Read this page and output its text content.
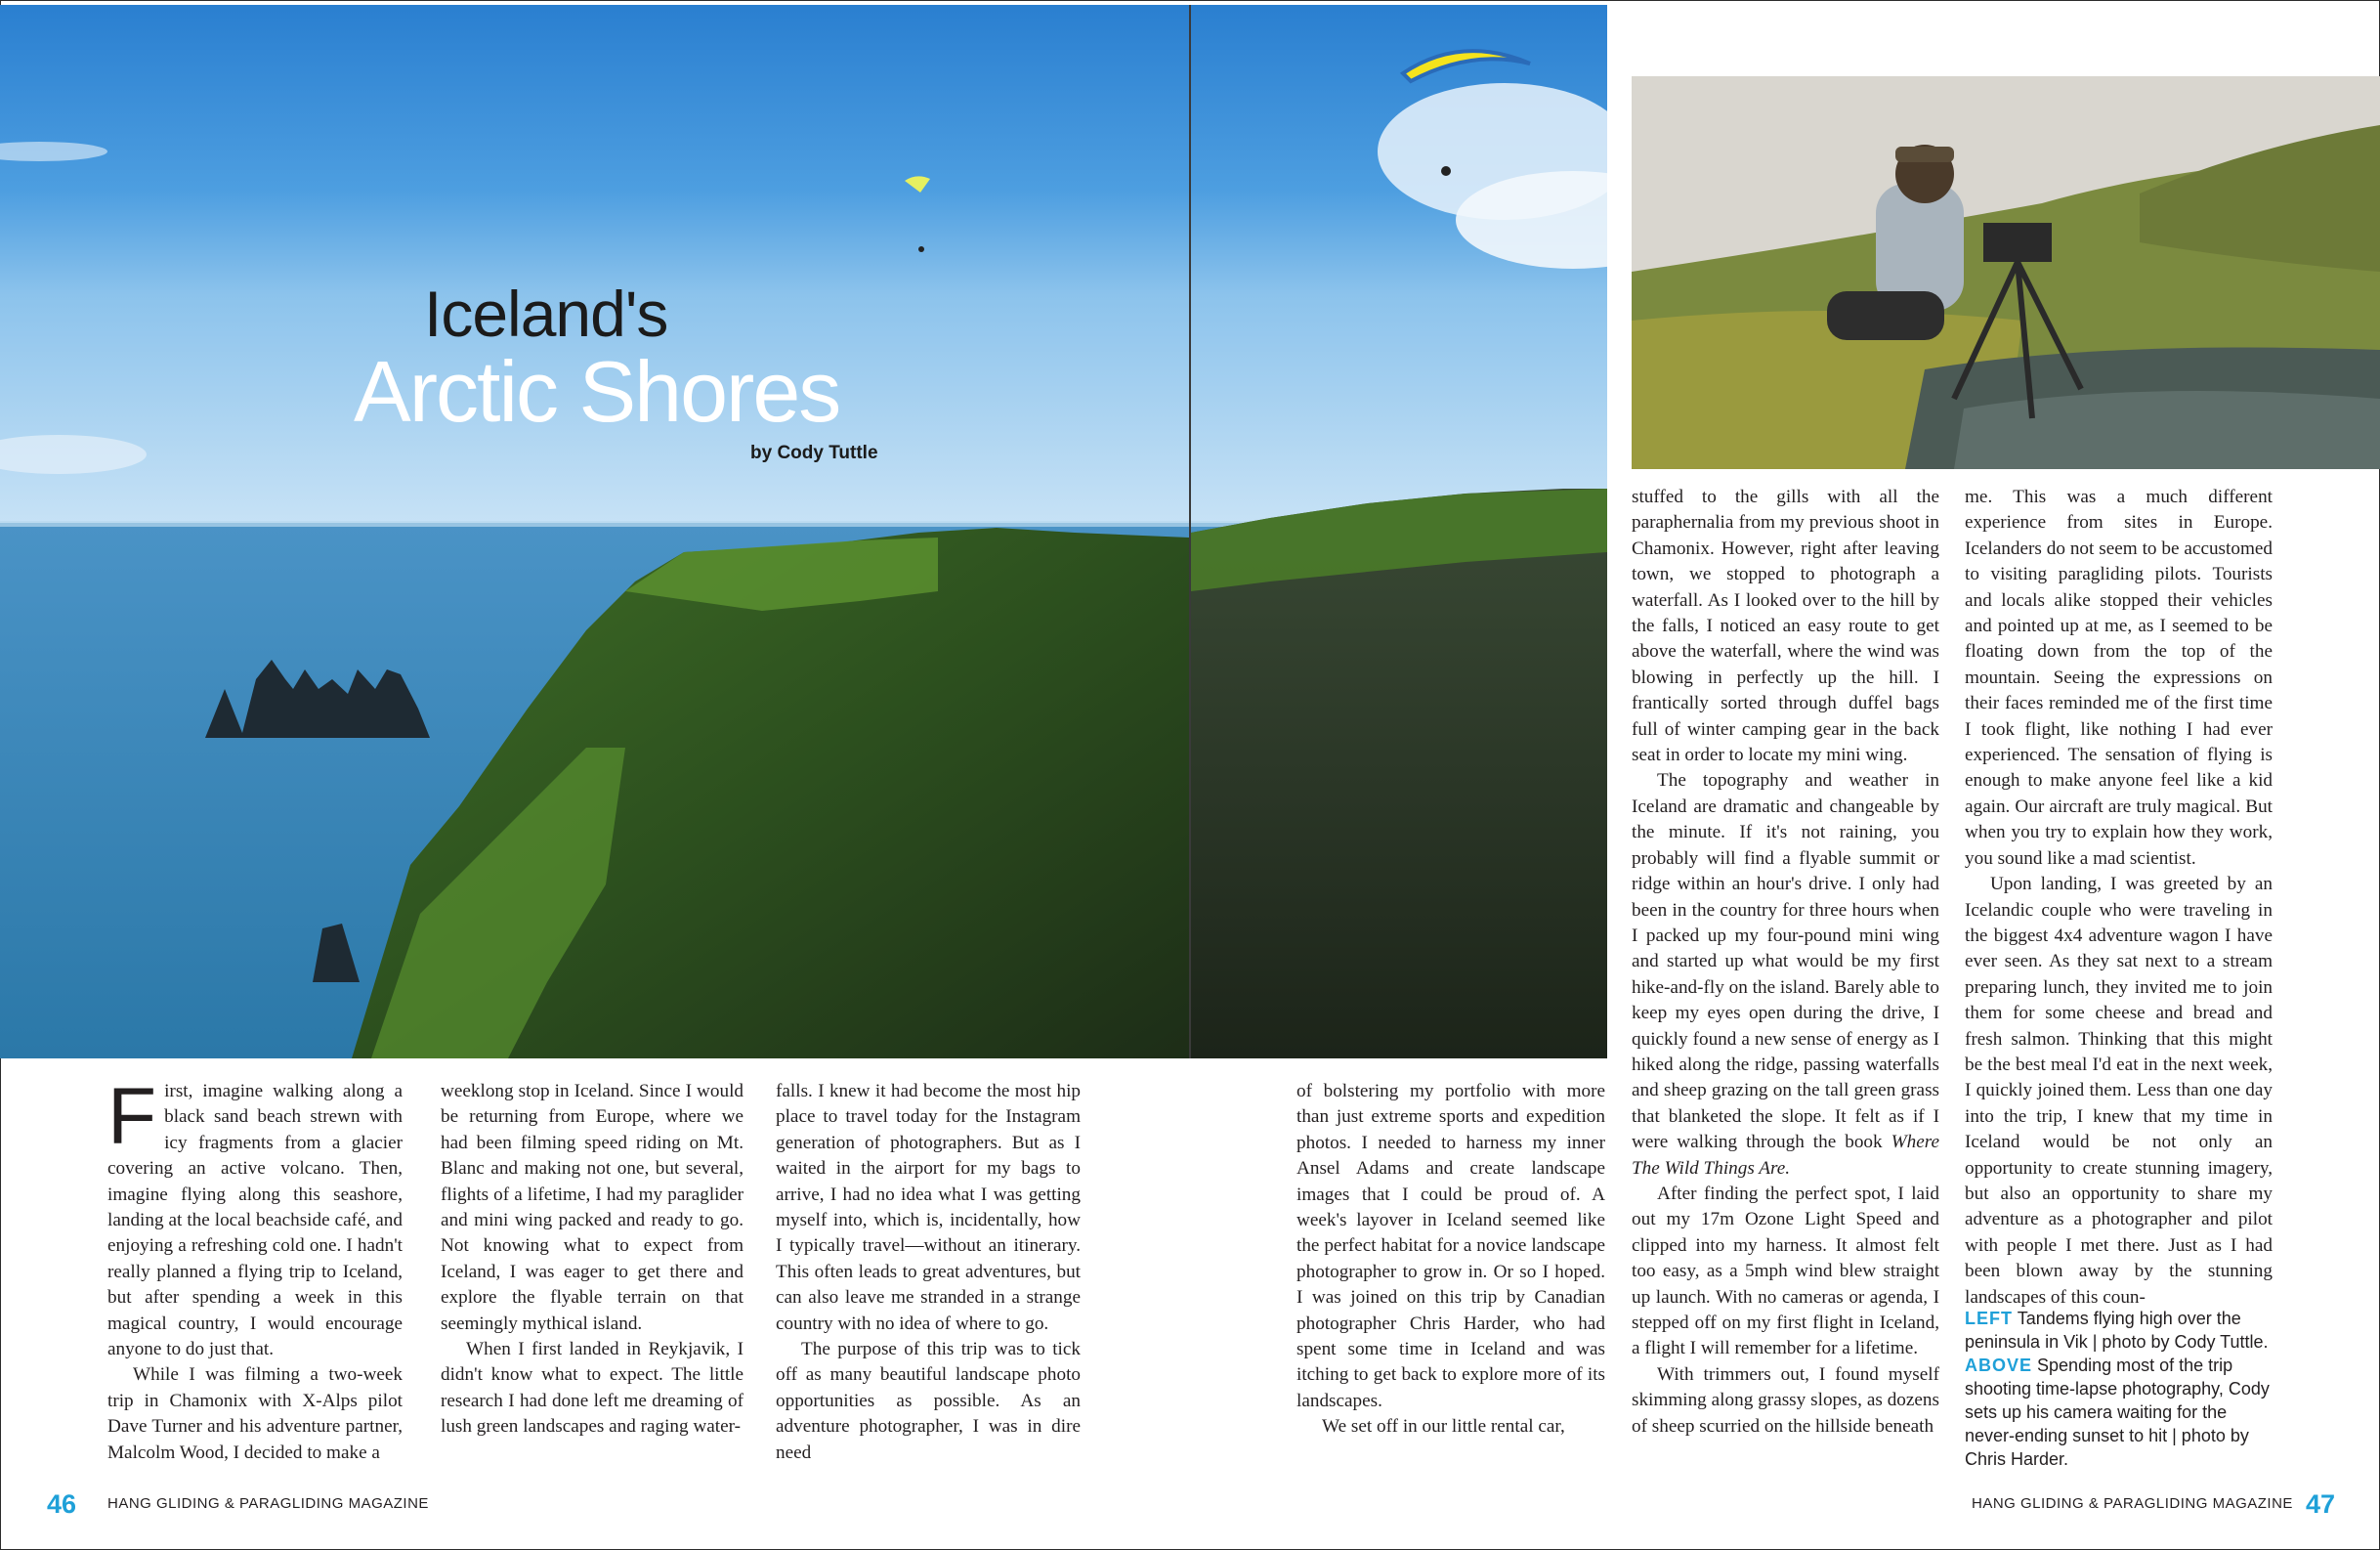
Iceland's
Arctic Shores
by Cody Tuttle

First, imagine walking along a black sand beach strewn with icy fragments from a glacier covering an active volcano. Then, imagine flying along this seashore, landing at the local beachside café, and enjoying a refreshing cold one. I hadn't really planned a flying trip to Iceland, but after spending a week in this magical country, I would encourage anyone to do just that.

While I was filming a two-week trip in Chamonix with X-Alps pilot Dave Turner and his adventure partner, Malcolm Wood, I decided to make a

weeklong stop in Iceland. Since I would be returning from Europe, where we had been filming speed riding on Mt. Blanc and making not one, but several, flights of a lifetime, I had my paraglider and mini wing packed and ready to go. Not knowing what to expect from Iceland, I was eager to get there and explore the flyable terrain on that seemingly mythical island.

When I first landed in Reykjavik, I didn't know what to expect. The little research I had done left me dreaming of lush green landscapes and raging water-

falls. I knew it had become the most hip place to travel today for the Instagram generation of photographers. But as I waited in the airport for my bags to arrive, I had no idea what I was getting myself into, which is, incidentally, how I typically travel—without an itinerary. This often leads to great adventures, but can also leave me stranded in a strange country with no idea of where to go.

The purpose of this trip was to tick off as many beautiful landscape photo opportunities as possible. As an adventure photographer, I was in dire need

of bolstering my portfolio with more than just extreme sports and expedition photos. I needed to harness my inner Ansel Adams and create landscape images that I could be proud of. A week's layover in Iceland seemed like the perfect habitat for a novice landscape photographer to grow in. Or so I hoped. I was joined on this trip by Canadian photographer Chris Harder, who had spent some time in Iceland and was itching to get back to explore more of its landscapes.

We set off in our little rental car,

stuffed to the gills with all the paraphernalia from my previous shoot in Chamonix. However, right after leaving town, we stopped to photograph a waterfall. As I looked over to the hill by the falls, I noticed an easy route to get above the waterfall, where the wind was blowing in perfectly up the hill. I frantically sorted through duffel bags full of winter camping gear in the back seat in order to locate my mini wing.

The topography and weather in Iceland are dramatic and changeable by the minute. If it's not raining, you probably will find a flyable summit or ridge within an hour's drive. I only had been in the country for three hours when I packed up my four-pound mini wing and started up what would be my first hike-and-fly on the island. Barely able to keep my eyes open during the drive, I quickly found a new sense of energy as I hiked along the ridge, passing waterfalls and sheep grazing on the tall green grass that blanketed the slope. It felt as if I were walking through the book Where The Wild Things Are.

After finding the perfect spot, I laid out my 17m Ozone Light Speed and clipped into my harness. It almost felt too easy, as a 5mph wind blew straight up launch. With no cameras or agenda, I stepped off on my first flight in Iceland, a flight I will remember for a lifetime.

With trimmers out, I found myself skimming along grassy slopes, as dozens of sheep scurried on the hillside beneath

me. This was a much different experience from sites in Europe. Icelanders do not seem to be accustomed to visiting paragliding pilots. Tourists and locals alike stopped their vehicles and pointed up at me, as I seemed to be floating down from the top of the mountain. Seeing the expressions on their faces reminded me of the first time I took flight, like nothing I had ever experienced. The sensation of flying is enough to make anyone feel like a kid again. Our aircraft are truly magical. But when you try to explain how they work, you sound like a mad scientist.

Upon landing, I was greeted by an Icelandic couple who were traveling in the biggest 4x4 adventure wagon I have ever seen. As they sat next to a stream preparing lunch, they invited me to join them for some cheese and bread and fresh salmon. Thinking that this might be the best meal I'd eat in the next week, I quickly joined them. Less than one day into the trip, I knew that my time in Iceland would be not only an opportunity to create stunning imagery, but also an opportunity to share my adventure as a photographer and pilot with people I met there. Just as I had been blown away by the stunning landscapes of this coun-

LEFT Tandems flying high over the peninsula in Vik | photo by Cody Tuttle. ABOVE Spending most of the trip shooting time-lapse photography, Cody sets up his camera waiting for the never-ending sunset to hit | photo by Chris Harder.
46 HANG GLIDING & PARAGLIDING MAGAZINE	HANG GLIDING & PARAGLIDING MAGAZINE 47
